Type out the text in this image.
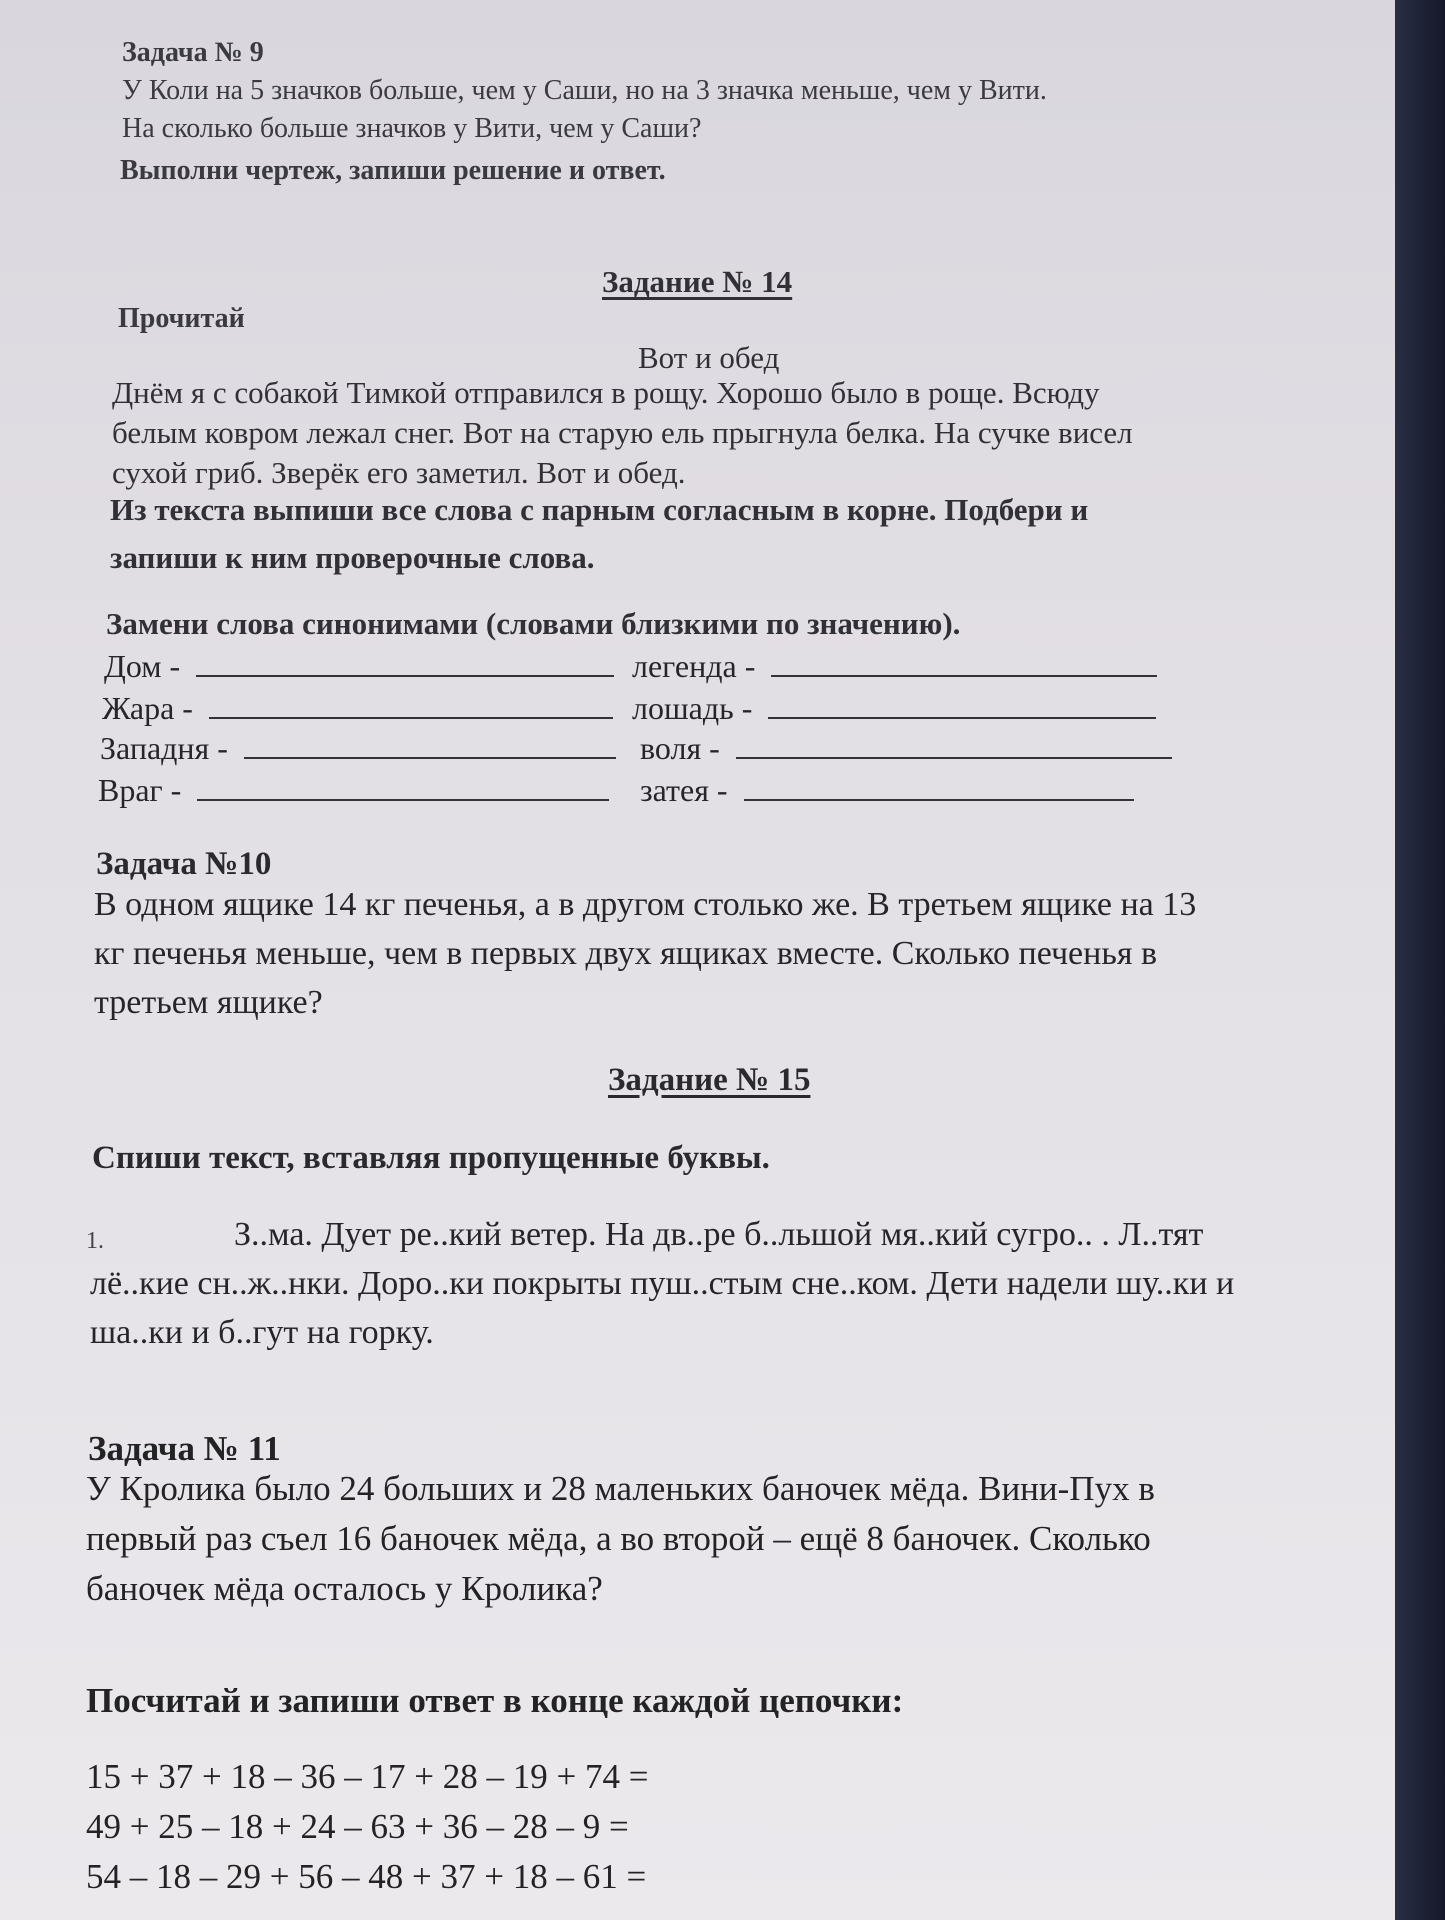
Задача № 9
У Коли на 5 значков больше, чем у Саши, но на 3 значка меньше, чем у Вити.
На сколько больше значков у Вити, чем у Саши?
Выполни чертеж, запиши решение и ответ.
Задание № 14
Прочитай
Вот и обед
Днём я с собакой Тимкой отправился в рощу. Хорошо было в роще. Всюду
белым ковром лежал снег. Вот на старую ель прыгнула белка. На сучке висел
сухой гриб. Зверёк его заметил. Вот и обед.
Из текста выпиши все слова с парным согласным в корне. Подбери и
запиши к ним проверочные слова.
Замени слова синонимами (словами близкими по значению).
Дом -	легенда -
Жара -	лошадь -
Западня -	воля -
Враг -	затея -
Задача №10
В одном ящике 14 кг печенья, а в другом столько же. В третьем ящике на 13
кг печенья меньше, чем в первых двух ящиках вместе. Сколько печенья в
третьем ящике?
Задание № 15
Спиши текст, вставляя пропущенные буквы.
1.	З..ма. Дует ре..кий ветер. На дв..ре б..льшой мя..кий сугро.. . Л..тят
лё..кие сн..ж..нки. Доро..ки покрыты пуш..стым сне..ком. Дети надели шу..ки и
ша..ки и б..гут на горку.
Задача № 11
У Кролика было 24 больших и 28 маленьких баночек мёда. Вини-Пух в
первый раз съел 16 баночек мёда, а во второй – ещё 8 баночек. Сколько
баночек мёда осталось у Кролика?
Посчитай и запиши ответ в конце каждой цепочки:
15 + 37 + 18 – 36 – 17 + 28 – 19 + 74 =
49 + 25 – 18 + 24 – 63 + 36 – 28 – 9 =
54 – 18 – 29 + 56 – 48 + 37 + 18 – 61 =
